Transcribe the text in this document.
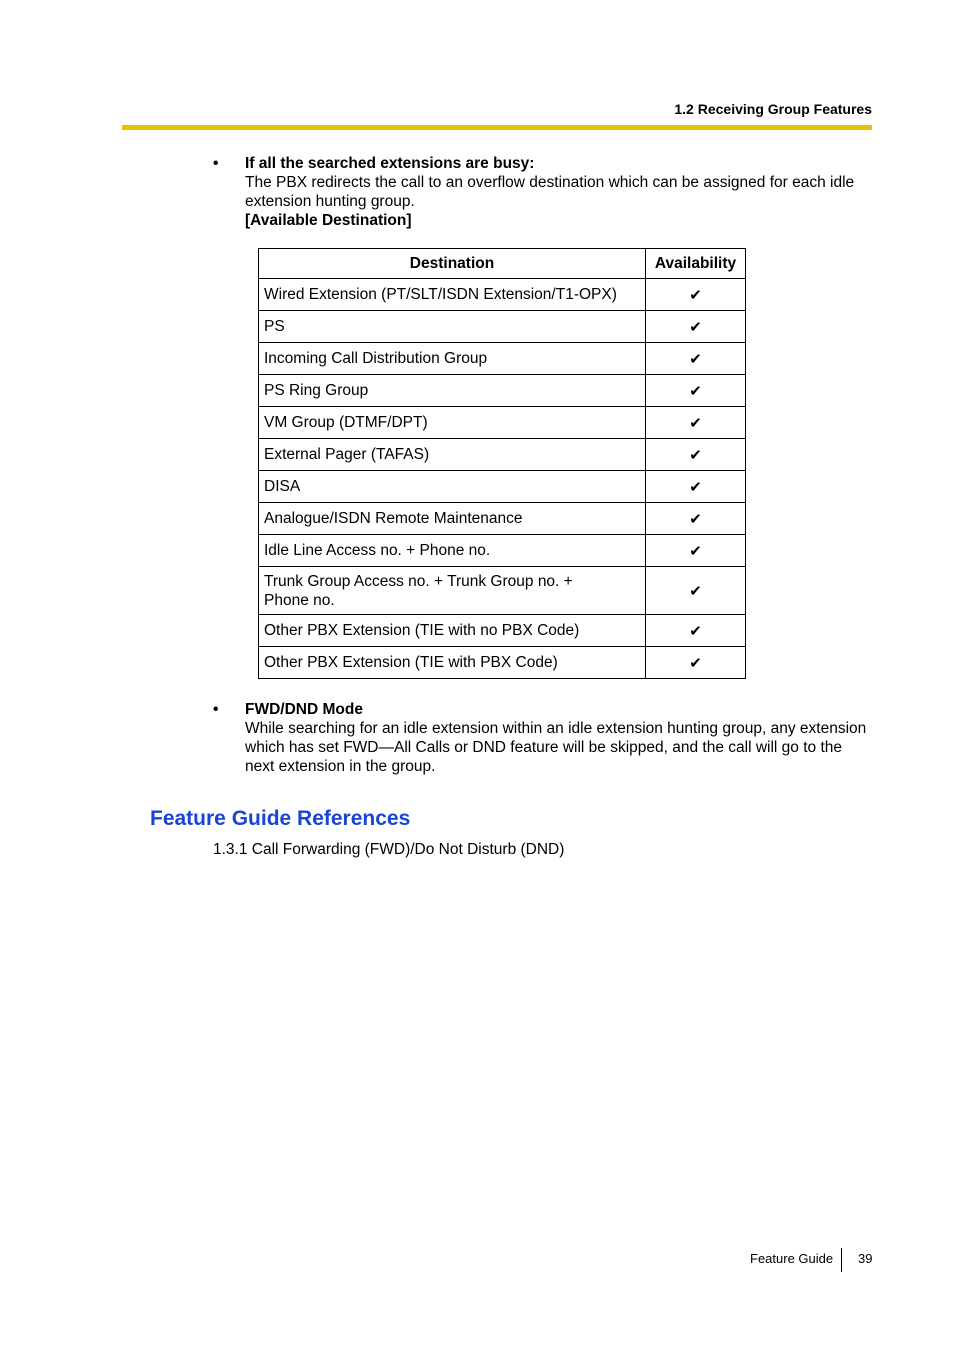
1.2 Receiving Group Features
• If all the searched extensions are busy:
The PBX redirects the call to an overflow destination which can be assigned for each idle extension hunting group.
[Available Destination]
Destination	Availability
Wired Extension (PT/SLT/ISDN Extension/T1-OPX)	✔
PS	✔
Incoming Call Distribution Group	✔
PS Ring Group	✔
VM Group (DTMF/DPT)	✔
External Pager (TAFAS)	✔
DISA	✔
Analogue/ISDN Remote Maintenance	✔
Idle Line Access no. + Phone no.	✔
Trunk Group Access no. + Trunk Group no. + Phone no.	✔
Other PBX Extension (TIE with no PBX Code)	✔
Other PBX Extension (TIE with PBX Code)	✔
• FWD/DND Mode
While searching for an idle extension within an idle extension hunting group, any extension which has set FWD—All Calls or DND feature will be skipped, and the call will go to the next extension in the group.
Feature Guide References
1.3.1 Call Forwarding (FWD)/Do Not Disturb (DND)
Feature Guide 39
